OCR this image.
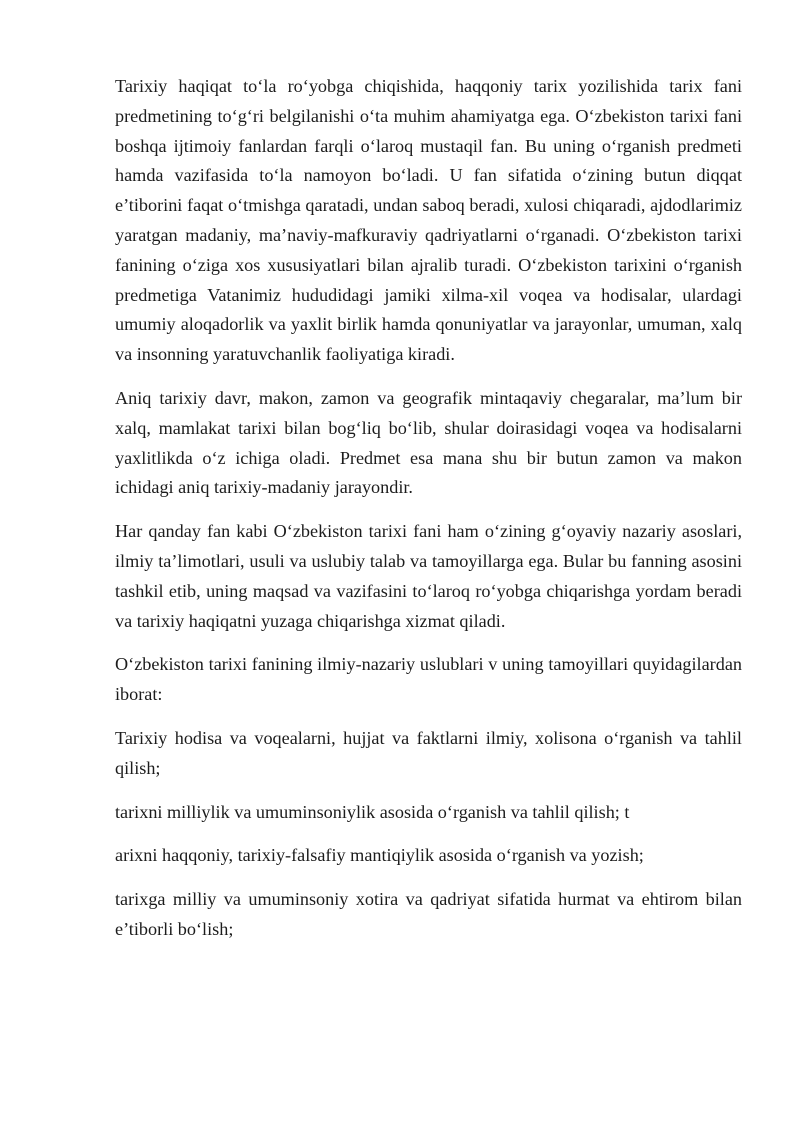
Tarixiy haqiqat to‘la ro‘yobga chiqishida, haqqoniy tarix yozilishida tarix fani predmetining to‘g‘ri belgilanishi o‘ta muhim ahamiyatga ega. O‘zbekiston tarixi fani boshqa ijtimoiy fanlardan farqli o‘laroq mustaqil fan. Bu uning o‘rganish predmeti hamda vazifasida to‘la namoyon bo‘ladi. U fan sifatida o‘zining butun diqqat e’tiborini faqat o‘tmishga qaratadi, undan saboq beradi, xulosi chiqaradi, ajdodlarimiz yaratgan madaniy, ma’naviy-mafkuraviy qadriyatlarni o‘rganadi. O‘zbekiston tarixi fanining o‘ziga xos xususiyatlari bilan ajralib turadi. O‘zbekiston tarixini o‘rganish predmetiga Vatanimiz hududidagi jamiki xilma-xil voqea va hodisalar, ulardagi umumiy aloqadorlik va yaxlit birlik hamda qonuniyatlar va jarayonlar, umuman, xalq va insonning yaratuvchanlik faoliyatiga kiradi.

Aniq tarixiy davr, makon, zamon va geografik mintaqaviy chegaralar, ma’lum bir xalq, mamlakat tarixi bilan bog‘liq bo‘lib, shular doirasidagi voqea va hodisalarni yaxlitlikda o‘z ichiga oladi. Predmet esa mana shu bir butun zamon va makon ichidagi aniq tarixiy-madaniy jarayondir.

Har qanday fan kabi O‘zbekiston tarixi fani ham o‘zining g‘oyaviy nazariy asoslari, ilmiy ta’limotlari, usuli va uslubiy talab va tamoyillarga ega. Bular bu fanning asosini tashkil etib, uning maqsad va vazifasini to‘laroq ro‘yobga chiqarishga yordam beradi va tarixiy haqiqatni yuzaga chiqarishga xizmat qiladi.

O‘zbekiston tarixi fanining ilmiy-nazariy uslublari v uning tamoyillari quyidagilardan iborat:

Tarixiy hodisa va voqealarni, hujjat va faktlarni ilmiy, xolisona o‘rganish va tahlil qilish;

tarixni milliylik va umuminsoniylik asosida o‘rganish va tahlil qilish; t

arixni haqqoniy, tarixiy-falsafiy mantiqiylik asosida o‘rganish va yozish;

tarixga milliy va umuminsoniy xotira va qadriyat sifatida hurmat va ehtirom bilan e’tiborli bo‘lish;
